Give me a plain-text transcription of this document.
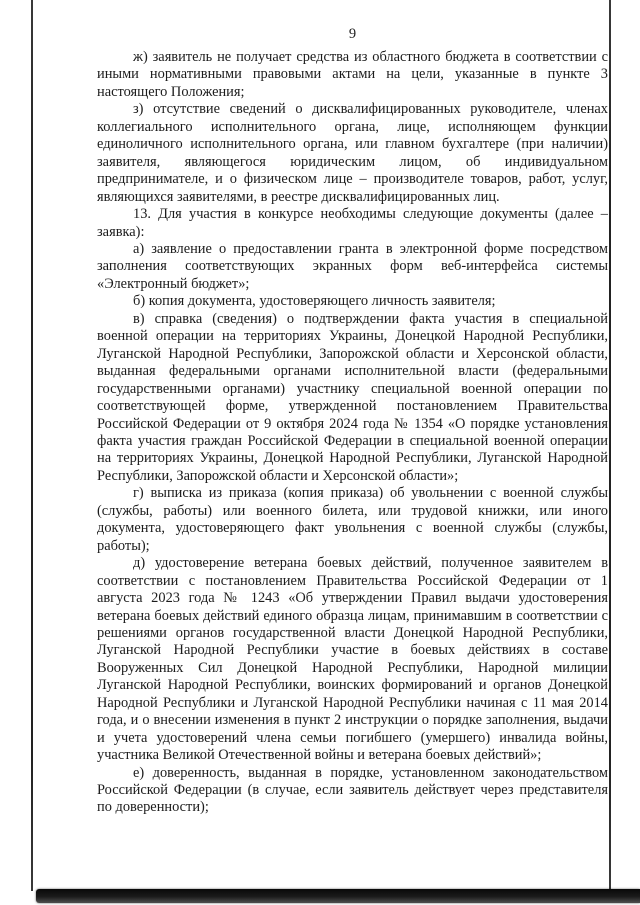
9

ж) заявитель не получает средства из областного бюджета в соответствии с иными нормативными правовыми актами на цели, указанные в пункте 3 настоящего Положения;

з) отсутствие сведений о дисквалифицированных руководителе, членах коллегиального исполнительного органа, лице, исполняющем функции единоличного исполнительного органа, или главном бухгалтере (при наличии) заявителя, являющегося юридическим лицом, об индивидуальном предпринимателе, и о физическом лице – производителе товаров, работ, услуг, являющихся заявителями, в реестре дисквалифицированных лиц.

13. Для участия в конкурсе необходимы следующие документы (далее – заявка):

а) заявление о предоставлении гранта в электронной форме посредством заполнения соответствующих экранных форм веб-интерфейса системы «Электронный бюджет»;

б) копия документа, удостоверяющего личность заявителя;

в) справка (сведения) о подтверждении факта участия в специальной военной операции на территориях Украины, Донецкой Народной Республики, Луганской Народной Республики, Запорожской области и Херсонской области, выданная федеральными органами исполнительной власти (федеральными государственными органами) участнику специальной военной операции по соответствующей форме, утвержденной постановлением Правительства Российской Федерации от 9 октября 2024 года № 1354 «О порядке установления факта участия граждан Российской Федерации в специальной военной операции на территориях Украины, Донецкой Народной Республики, Луганской Народной Республики, Запорожской области и Херсонской области»;

г) выписка из приказа (копия приказа) об увольнении с военной службы (службы, работы) или военного билета, или трудовой книжки, или иного документа, удостоверяющего факт увольнения с военной службы (службы, работы);

д) удостоверение ветерана боевых действий, полученное заявителем в соответствии с постановлением Правительства Российской Федерации от 1 августа 2023 года № 1243 «Об утверждении Правил выдачи удостоверения ветерана боевых действий единого образца лицам, принимавшим в соответствии с решениями органов государственной власти Донецкой Народной Республики, Луганской Народной Республики участие в боевых действиях в составе Вооруженных Сил Донецкой Народной Республики, Народной милиции Луганской Народной Республики, воинских формирований и органов Донецкой Народной Республики и Луганской Народной Республики начиная с 11 мая 2014 года, и о внесении изменения в пункт 2 инструкции о порядке заполнения, выдачи и учета удостоверений члена семьи погибшего (умершего) инвалида войны, участника Великой Отечественной войны и ветерана боевых действий»;

е) доверенность, выданная в порядке, установленном законодательством Российской Федерации (в случае, если заявитель действует через представителя по доверенности);
